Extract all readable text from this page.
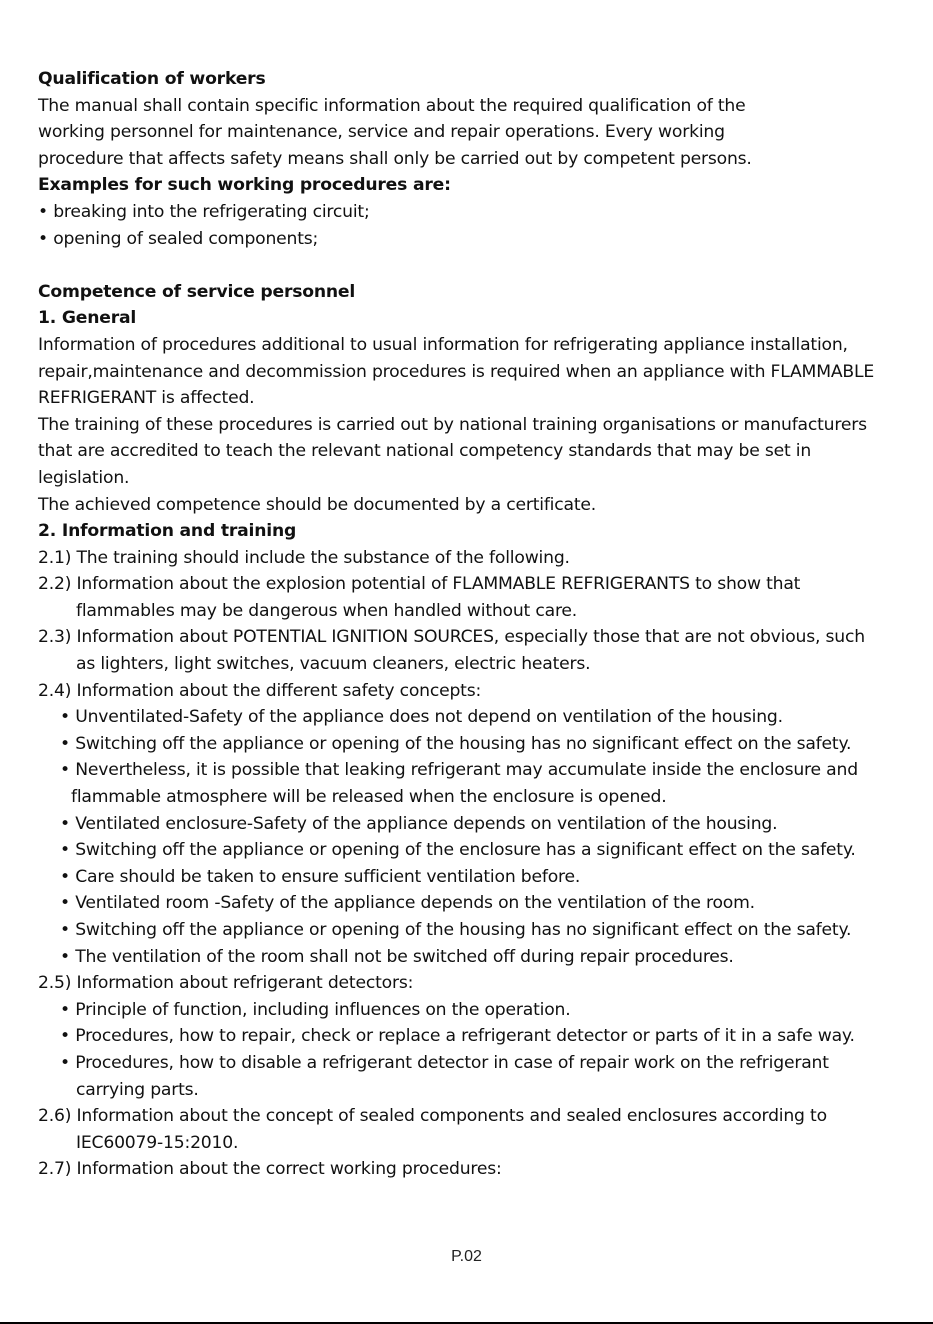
Qualification of workers

The manual shall contain specific information about the required qualification of the

working personnel for maintenance, service and repair operations. Every working

procedure that affects safety means shall only be carried out by competent persons.

Examples for such working procedures are:

• breaking into the refrigerating circuit;

• opening of sealed components;

Competence of service personnel

1. General

Information of procedures additional to usual information for refrigerating appliance installation,

repair,maintenance and decommission procedures is required when an appliance with FLAMMABLE

REFRIGERANT is affected.

The training of these procedures is carried out by national training organisations or manufacturers

that are accredited to teach the relevant national competency standards that may be set in

legislation.

The achieved competence should be documented by a certificate.

2. Information and training

2.1) The training should include the substance of the following.

2.2) Information about the explosion potential of FLAMMABLE REFRIGERANTS to show that

flammables may be dangerous when handled without care.

2.3) Information about POTENTIAL IGNITION SOURCES, especially those that are not obvious, such

as lighters, light switches, vacuum cleaners, electric heaters.

2.4) Information about the different safety concepts:

• Unventilated-Safety of the appliance does not depend on ventilation of the housing.

• Switching off the appliance or opening of the housing has no significant effect on the safety.

• Nevertheless, it is possible that leaking refrigerant may accumulate inside the enclosure and

flammable atmosphere will be released when the enclosure is opened.

• Ventilated enclosure-Safety of the appliance depends on ventilation of the housing.

• Switching off the appliance or opening of the enclosure has a significant effect on the safety.

• Care should be taken to ensure sufficient ventilation before.

• Ventilated room -Safety of the appliance depends on the ventilation of the room.

• Switching off the appliance or opening of the housing has no significant effect on the safety.

• The ventilation of the room shall not be switched off during repair procedures.

2.5) Information about refrigerant detectors:

• Principle of function, including influences on the operation.

• Procedures, how to repair, check or replace a refrigerant detector or parts of it in a safe way.

• Procedures, how to disable a refrigerant detector in case of repair work on the refrigerant

carrying parts.

2.6) Information about the concept of sealed components and sealed enclosures according to

IEC60079-15:2010.

2.7) Information about the correct working procedures:

P.02
